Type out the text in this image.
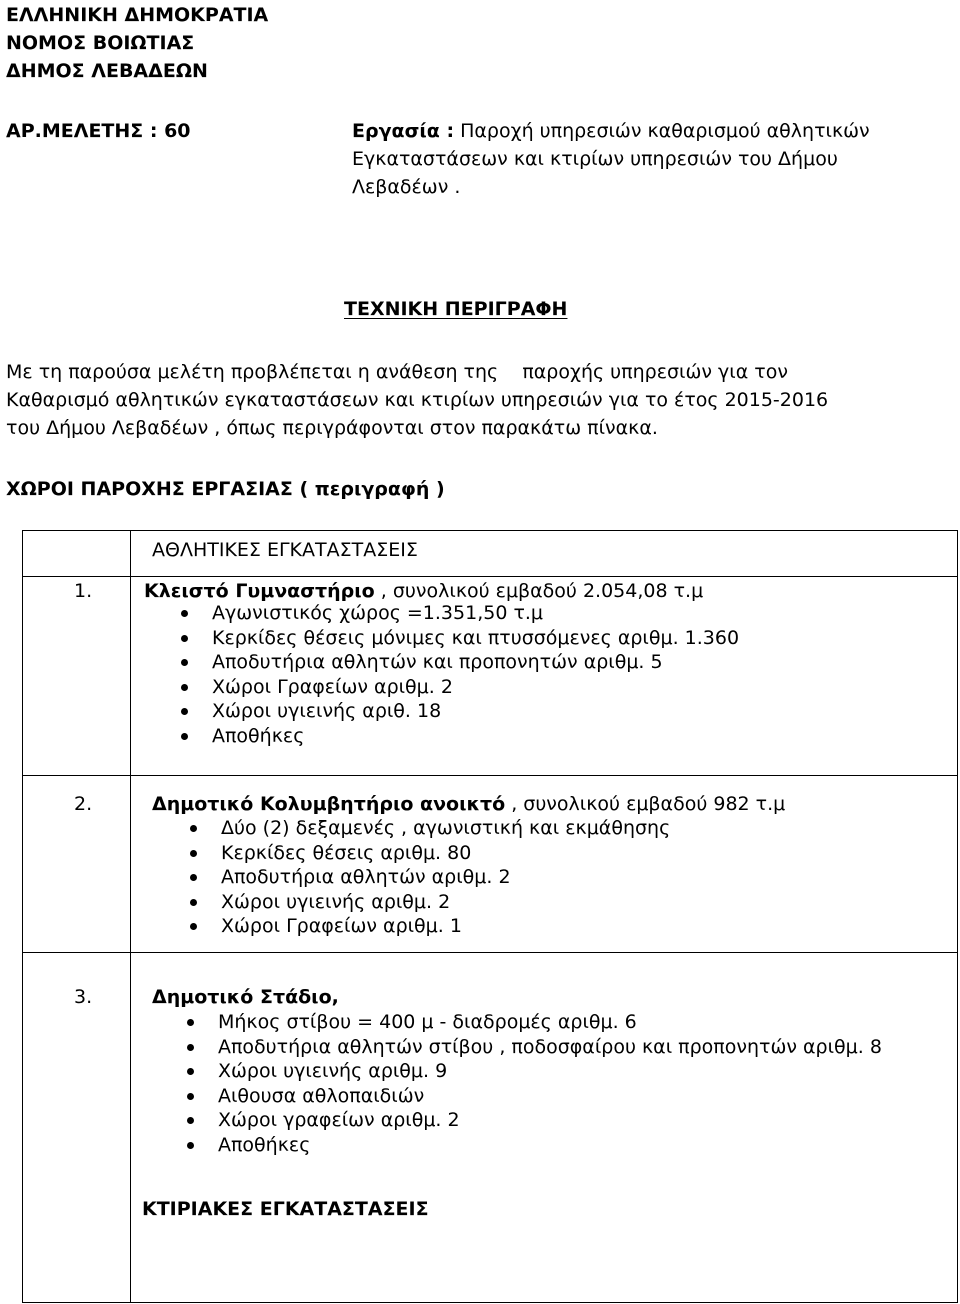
ΕΛΛΗΝΙΚΗ ΔΗΜΟΚΡΑΤΙΑ
ΝΟΜΟΣ ΒΟΙΩΤΙΑΣ
ΔΗΜΟΣ ΛΕΒΑΔΕΩΝ
ΑΡ.ΜΕΛΕΤΗΣ : 60	Εργασία : Παροχή υπηρεσιών καθαρισμού αθλητικών
Εγκαταστάσεων και κτιρίων υπηρεσιών του Δήμου
Λεβαδέων .
ΤΕΧΝΙΚΗ ΠΕΡΙΓΡΑΦΗ
Με τη παρούσα μελέτη προβλέπεται η ανάθεση της    παροχής υπηρεσιών για τον
Καθαρισμό αθλητικών εγκαταστάσεων και κτιρίων υπηρεσιών για το έτος 2015-2016
του Δήμου Λεβαδέων , όπως περιγράφονται στον παρακάτω πίνακα.
ΧΩΡΟΙ ΠΑΡΟΧΗΣ ΕΡΓΑΣΙΑΣ ( περιγραφή )
ΑΘΛΗΤΙΚΕΣ ΕΓΚΑΤΑΣΤΑΣΕΙΣ
1.	Κλειστό Γυμναστήριο , συνολικού εμβαδού 2.054,08 τ.μ
Αγωνιστικός χώρος =1.351,50 τ.μ
Κερκίδες θέσεις μόνιμες και πτυσσόμενες αριθμ. 1.360
Αποδυτήρια αθλητών και προπονητών αριθμ. 5
Χώροι Γραφείων αριθμ. 2
Χώροι υγιεινής αριθ. 18
Αποθήκες
2.	Δημοτικό Κολυμβητήριο ανοικτό , συνολικού εμβαδού 982 τ.μ
Δύο (2) δεξαμενές , αγωνιστική και εκμάθησης
Κερκίδες θέσεις αριθμ. 80
Αποδυτήρια αθλητών αριθμ. 2
Χώροι υγιεινής αριθμ. 2
Χώροι Γραφείων αριθμ. 1
3.	Δημοτικό Στάδιο,
Μήκος στίβου = 400 μ - διαδρομές αριθμ. 6
Αποδυτήρια αθλητών στίβου , ποδοσφαίρου και προπονητών αριθμ. 8
Χώροι υγιεινής αριθμ. 9
Αιθουσα αθλοπαιδιών
Χώροι γραφείων αριθμ. 2
Αποθήκες
ΚΤΙΡΙΑΚΕΣ ΕΓΚΑΤΑΣΤΑΣΕΙΣ
